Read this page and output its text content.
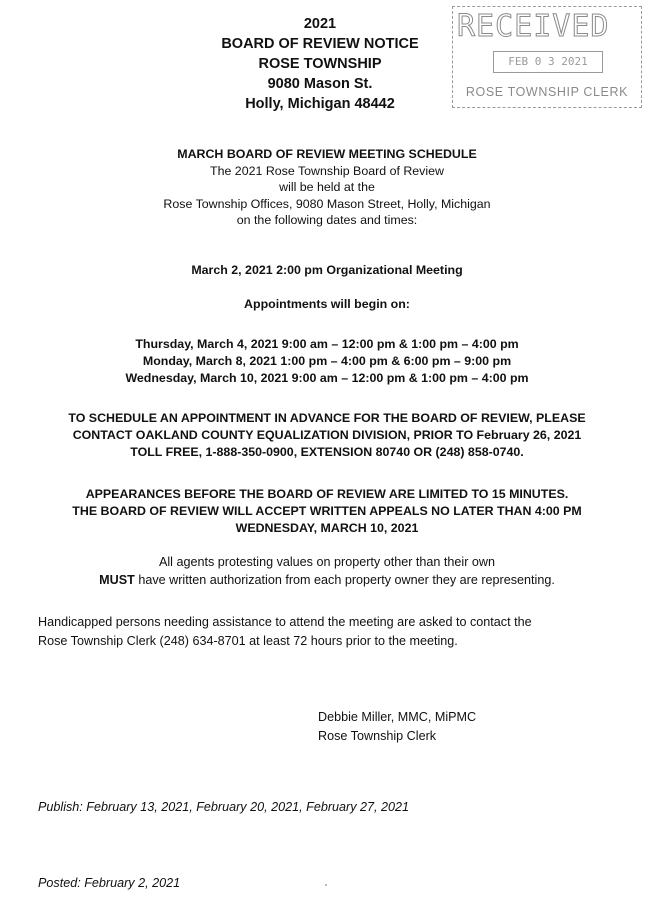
2021
BOARD OF REVIEW NOTICE
ROSE TOWNSHIP
9080 Mason St.
Holly, Michigan 48442
RECEIVED
FEB 0 3 2021
ROSE TOWNSHIP CLERK
MARCH BOARD OF REVIEW MEETING SCHEDULE
The 2021 Rose Township Board of Review
will be held at the
Rose Township Offices, 9080 Mason Street, Holly, Michigan
on the following dates and times:
March 2, 2021 2:00 pm Organizational Meeting
Appointments will begin on:
Thursday, March 4, 2021 9:00 am – 12:00 pm & 1:00 pm – 4:00 pm
Monday, March 8, 2021 1:00 pm – 4:00 pm & 6:00 pm – 9:00 pm
Wednesday, March 10, 2021 9:00 am – 12:00 pm & 1:00 pm – 4:00 pm
TO SCHEDULE AN APPOINTMENT IN ADVANCE FOR THE BOARD OF REVIEW, PLEASE
CONTACT OAKLAND COUNTY EQUALIZATION DIVISION, PRIOR TO February 26, 2021
TOLL FREE, 1-888-350-0900, EXTENSION 80740 OR (248) 858-0740.
APPEARANCES BEFORE THE BOARD OF REVIEW ARE LIMITED TO 15 MINUTES.
THE BOARD OF REVIEW WILL ACCEPT WRITTEN APPEALS NO LATER THAN 4:00 PM
WEDNESDAY, MARCH 10, 2021
All agents protesting values on property other than their own
MUST have written authorization from each property owner they are representing.
Handicapped persons needing assistance to attend the meeting are asked to contact the
Rose Township Clerk (248) 634-8701 at least 72 hours prior to the meeting.
Debbie Miller, MMC, MiPMC
Rose Township Clerk
Publish: February 13, 2021, February 20, 2021, February 27, 2021
Posted: February 2, 2021
